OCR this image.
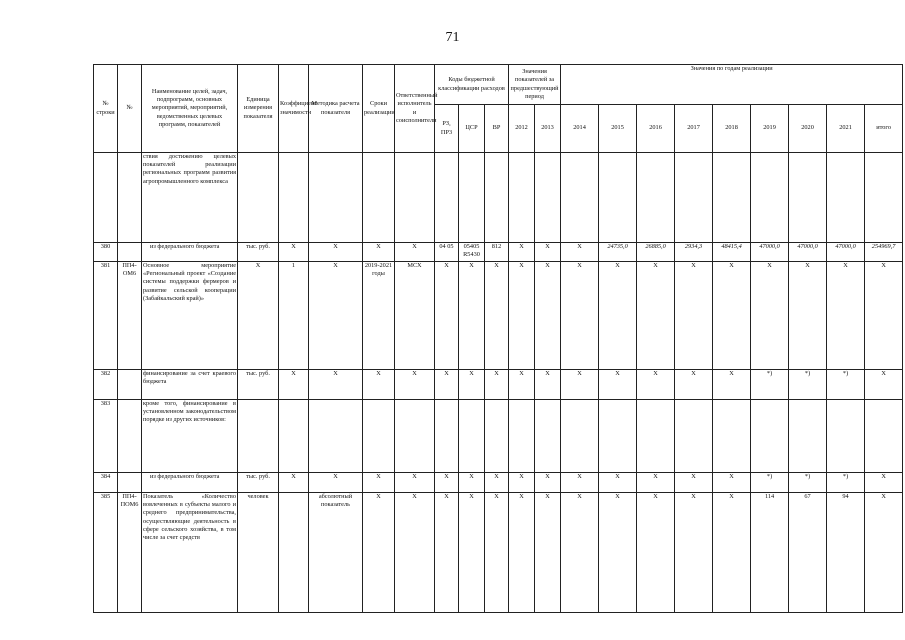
71
№ строки	№	Наименование целей, задач, подпрограмм, основных мероприятий, мероприятий, ведомственных целевых программ, показателей	Единица измерения показателя	Коэффициент значимости	Методика расчета показателя	Сроки реализации	Ответственный исполнитель и соисполнители	Коды бюджетной классификации расходов			Значения показателей за предшествующий период		Значения по годам реализации								
								РЗ, ПР3	ЦСР	ВР	2012	2013	2014	2015	2016	2017	2018	2019	2020	2021	итого
		ствия достижению целевых показателей реализации региональных программ развития агропромышленного комплекса																			
380		из федерального бюджета	тыс. руб.	X	X	X	X	04 05	05405 R5430	812	X	X	X	24735,0	26885,0	2934,3	48415,4	47000,0	47000,0	47000,0	254969,7
381	ПП4-ОМ6	Основное мероприятие «Региональный проект «Создание системы поддержки фермеров и развитие сельской кооперации (Забайкальский край)»	X	1	X	2019-2021 годы	МСХ	X	X	X	X	X	X	X	X	X	X	X	X	X	X
382		финансирование за счет краевого бюджета	тыс. руб.	X	X	X	X	X	X	X	X	X	X	X	X	X	X	*)	*)	*)	X
383		кроме того, финансирование в установленном законодательством порядке из других источников:																			
384		из федерального бюджета	тыс. руб.	X	X	X	X	X	X	X	X	X	X	X	X	X	X	*)	*)	*)	X
385	ПП4-ПОМ6	Показатель «Количество вовлеченных в субъекты малого и среднего предпринимательства, осуществляющие деятельность в сфере сельского хозяйства, в том числе за счет средств	человек		абсолютный показатель	X	X	X	X	X	X	X	X	X	X	X	X	114	67	94	X
